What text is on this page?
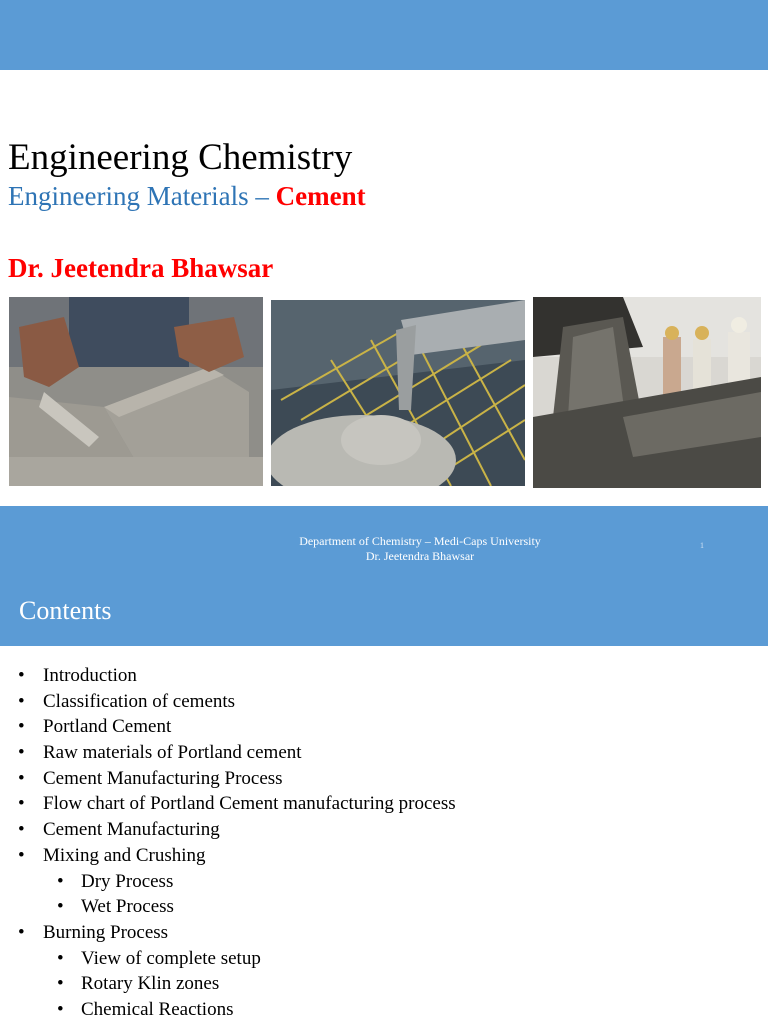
Engineering Chemistry
Engineering Materials – Cement
Dr. Jeetendra Bhawsar
Department of Chemistry – Medi-Caps University
Dr. Jeetendra Bhawsar
1
Contents
• Introduction
• Classification of cements
• Portland Cement
• Raw materials of Portland cement
• Cement Manufacturing Process
• Flow chart of Portland Cement manufacturing process
• Cement Manufacturing
• Mixing and Crushing
• Dry Process
• Wet Process
• Burning Process
• View of complete setup
• Rotary Klin zones
• Chemical Reactions
